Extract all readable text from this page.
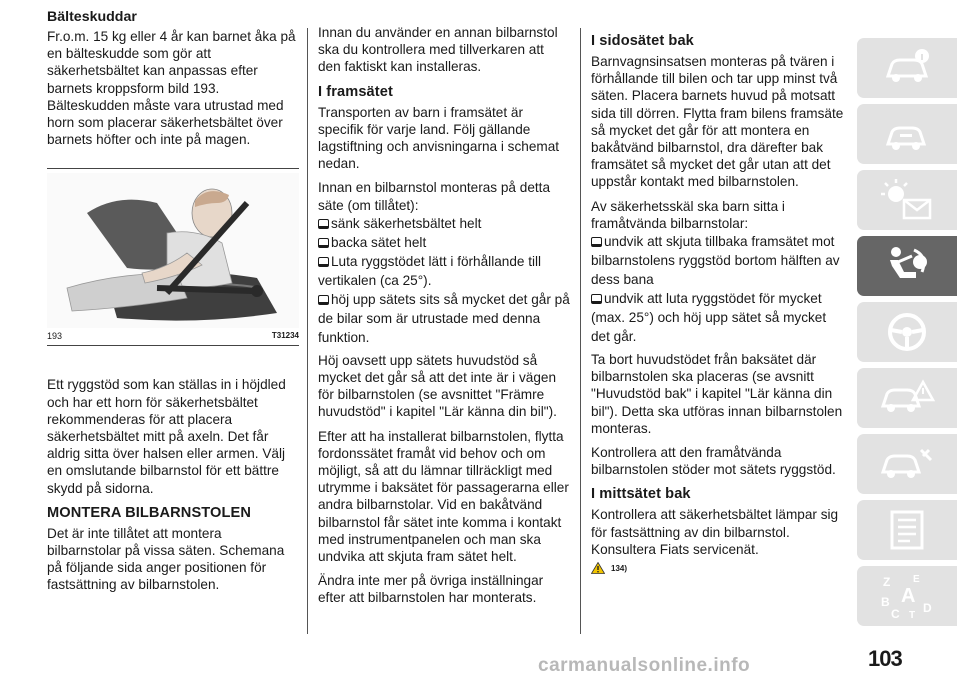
Bälteskuddar
Fr.o.m. 15 kg eller 4 år kan barnet åka på en bälteskudde som gör att säkerhetsbältet kan anpassas efter barnets kroppsform bild 193. Bälteskudden måste vara utrustad med horn som placerar säkerhetsbältet över barnets höfter och inte på magen.
193	T31234
Ett ryggstöd som kan ställas in i höjdled och har ett horn för säkerhetsbältet rekommenderas för att placera säkerhetsbältet mitt på axeln. Det får aldrig sitta över halsen eller armen. Välj en omslutande bilbarnstol för ett bättre skydd på sidorna.
MONTERA BILBARNSTOLEN
Det är inte tillåtet att montera bilbarnstolar på vissa säten. Schemana på följande sida anger positionen för fastsättning av bilbarnstolen.
Innan du använder en annan bilbarnstol ska du kontrollera med tillverkaren att den faktiskt kan installeras.
I framsätet
Transporten av barn i framsätet är specifik för varje land. Följ gällande lagstiftning och anvisningarna i schemat nedan.
Innan en bilbarnstol monteras på detta säte (om tillåtet):
sänk säkerhetsbältet helt
backa sätet helt
Luta ryggstödet lätt i förhållande till vertikalen (ca 25°).
höj upp sätets sits så mycket det går på de bilar som är utrustade med denna funktion.
Höj oavsett upp sätets huvudstöd så mycket det går så att det inte är i vägen för bilbarnstolen (se avsnittet "Främre huvudstöd" i kapitel "Lär känna din bil").
Efter att ha installerat bilbarnstolen, flytta fordonssätet framåt vid behov och om möjligt, så att du lämnar tillräckligt med utrymme i baksätet för passagerarna eller andra bilbarnstolar. Vid en bakåtvänd bilbarnstol får sätet inte komma i kontakt med instrumentpanelen och man ska undvika att skjuta fram sätet helt.
Ändra inte mer på övriga inställningar efter att bilbarnstolen har monterats.
I sidosätet bak
Barnvagnsinsatsen monteras på tvären i förhållande till bilen och tar upp minst två säten. Placera barnets huvud på motsatt sida till dörren. Flytta fram bilens framsäte så mycket det går för att montera en bakåtvänd bilbarnstol, dra därefter bak framsätet så mycket det går utan att det uppstår kontakt med bilbarnstolen.
Av säkerhetsskäl ska barn sitta i framåtvända bilbarnstolar:
undvik att skjuta tillbaka framsätet mot bilbarnstolens ryggstöd bortom hälften av dess bana
undvik att luta ryggstödet för mycket (max. 25°) och höj upp sätet så mycket det går.
Ta bort huvudstödet från baksätet där bilbarnstolen ska placeras (se avsnitt "Huvudstöd bak" i kapitel "Lär känna din bil"). Detta ska utföras innan bilbarnstolen monteras.
Kontrollera att den framåtvända bilbarnstolen stöder mot sätets ryggstöd.
I mittsätet bak
Kontrollera att säkerhetsbältet lämpar sig för fastsättning av din bilbarnstol. Konsultera Fiats servicenät.
134)
Z E
B A
C T
D
103
carmanualsonline.info
